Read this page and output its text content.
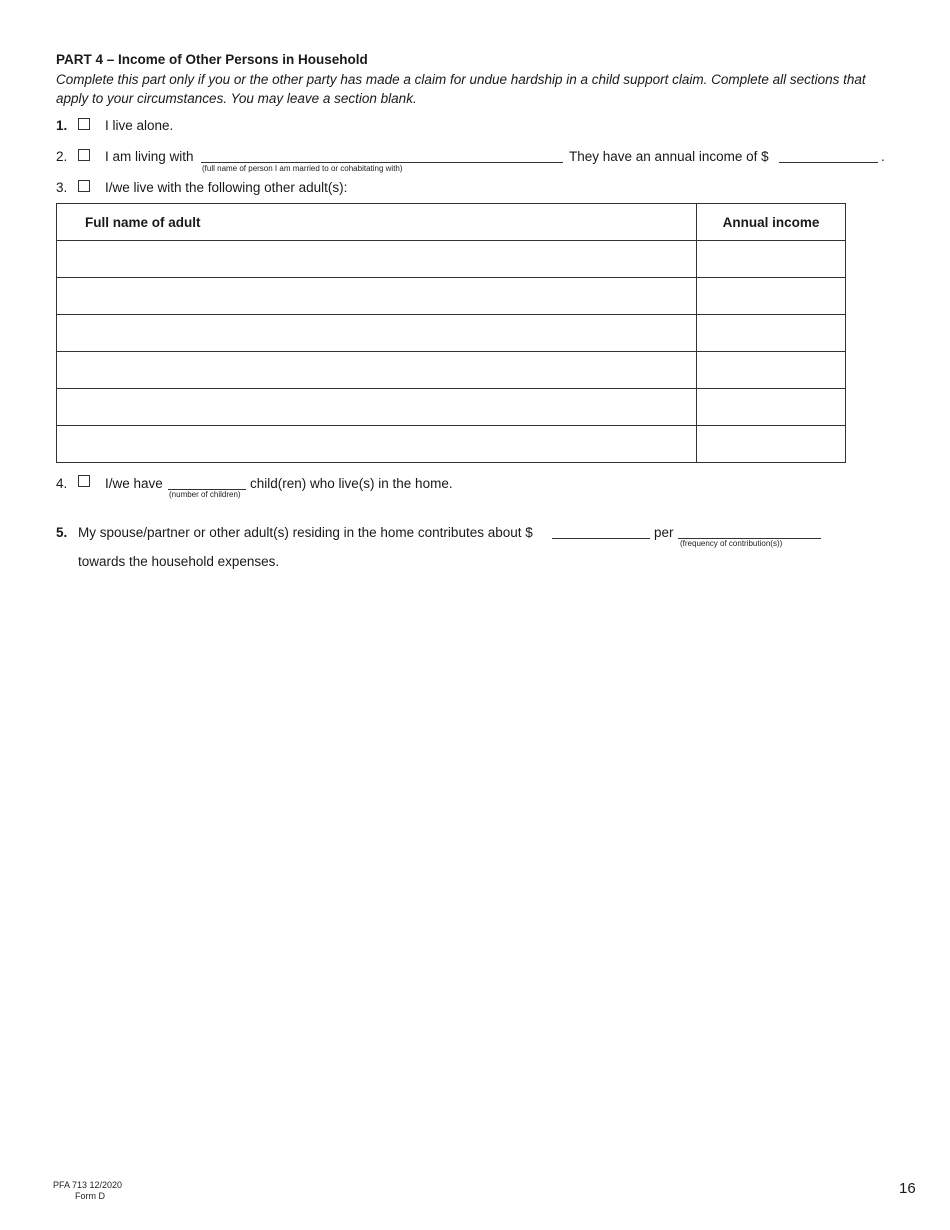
PART 4 – Income of Other Persons in Household
Complete this part only if you or the other party has made a claim for undue hardship in a child support claim. Complete all sections that apply to your circumstances. You may leave a section blank.
1.	I live alone.
2.	I am living with
(full name of person I am married to or cohabitating with)
They have an annual income of $	.
3.	I/we live with the following other adult(s):
Full name of adult	Annual income

4.	I/we have
(number of children)
child(ren) who live(s) in the home.
5. My spouse/partner or other adult(s) residing in the home contributes about $	per
(frequency of contribution(s))
towards the household expenses.
PFA 713 12/2020
Form D	16
